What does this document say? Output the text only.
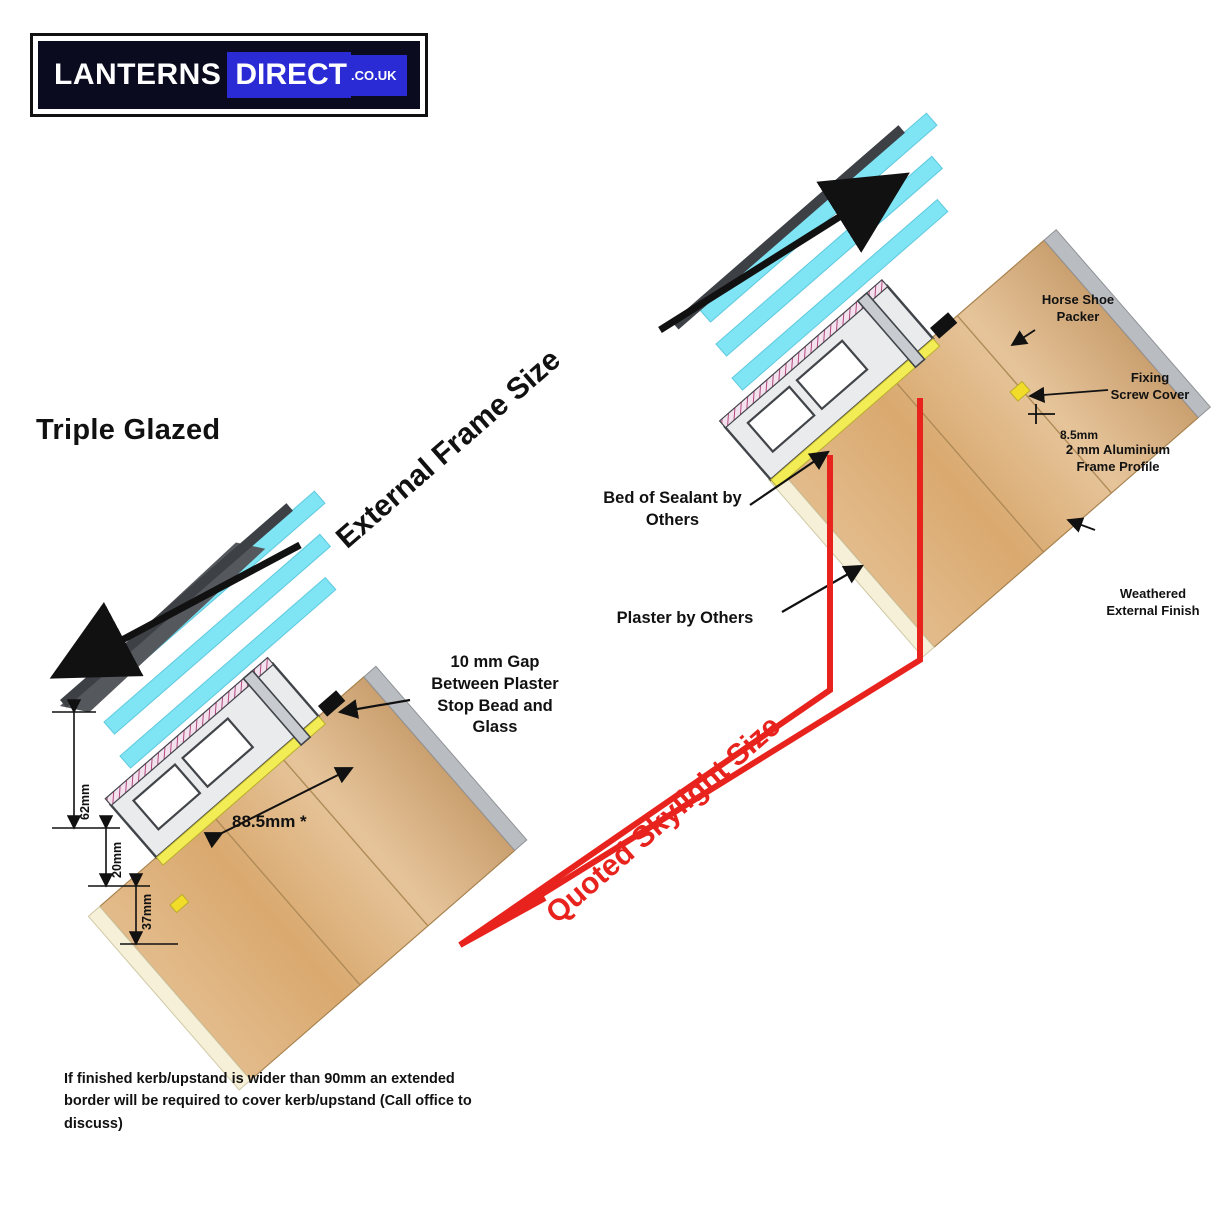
LANTERNS DIRECT .CO.UK
Triple Glazed	External Frame Size
Quoted Skylight Size
10 mm Gap Between Plaster Stop Bead and Glass
Bed of Sealant by Others
Plaster by Others
Horse Shoe Packer
Fixing Screw Cover
2 mm Aluminium Frame Profile
Weathered External Finish
8.5mm
62mm
20mm
37mm
88.5mm *
If finished kerb/upstand is wider than 90mm an extended border will be required to cover kerb/upstand (Call office to discuss)
